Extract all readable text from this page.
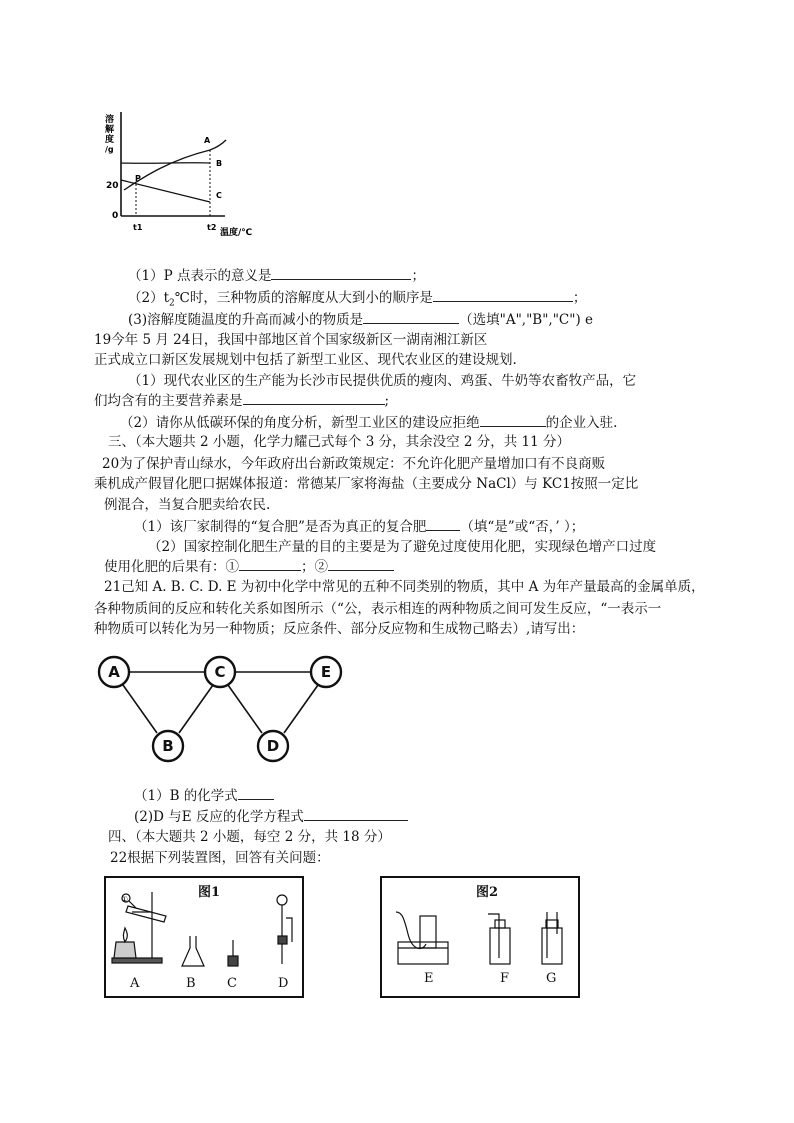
溶
解
度
/g
20
0
P
A
B
C
t1	t2
温度/℃
（1）P 点表示的意义是	；
$(2)t_2℃$时，三种物质的溶解度从大到小的顺序是	；
(3)溶解度随温度的升高而减小的物质是	（选填"A","B","C") e
19今年 5 月 24日，我国中部地区首个国家级新区一湖南湘江新区
正式成立口新区发展规划中包括了新型工业区、现代农业区的建设规划.
（1）现代农业区的生产能为长沙市民提供优质的瘦肉、鸡蛋、牛奶等农畜牧产品，它
们均含有的主要营养素是	;
（2）请你从低碳环保的角度分析，新型工业区的建设应拒绝	的企业入驻.
三、（本大题共 2 小题，化学力耀己式每个 3 分，其余没空 2 分，共 11 分）
20为了保护青山绿水，今年政府出台新政策规定：不允许化肥产量增加口有不良商贩
乘机成产假冒化肥口据媒体报道：常德某厂家将海盐（主要成分 NaCl）与 KC1按照一定比
例混合，当复合肥卖给农民.
（1）该厂家制得的“复合肥”是否为真正的复合肥	（填“是”或“否，’ ）；
（2）国家控制化肥生产量的目的主要是为了避免过度使用化肥，实现绿色增产口过度
使用化肥的后果有：①	；②
21己知 A. B. C. D. E 为初中化学中常见的五种不同类别的物质，其中 A 为年产量最高的金属单质，
各种物质间的反应和转化关系如图所示（“公，表示相连的两种物质之间可发生反应，“一表示一
种物质可以转化为另一种物质；反应条件、部分反应物和生成物己略去）,请写出：
A
B
C
D
E
（1）B 的化学式
(2)D 与E 反应的化学方程式
四、（本大题共 2 小题，每空 2 分，共 18 分）
22根据下列装置图，回答有关问题：
图1
①
A	B C	D
图2
E	F	G
